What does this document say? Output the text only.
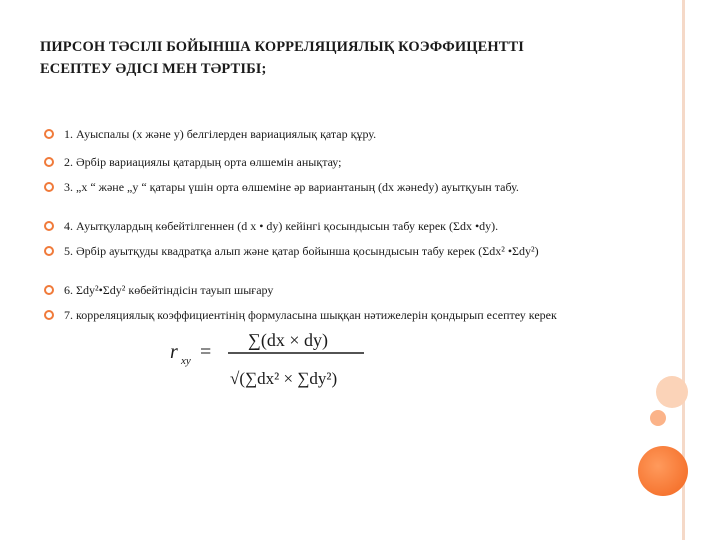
ПИРСОН ТӘСІЛІ БОЙЫНША КОРРЕЛЯЦИЯЛЫҚ КОЭФФИЦЕНТТІ
ЕСЕПТЕУ ӘДІСІ МЕН ТӘРТІБІ;
1. Ауыспалы (x және y) белгілерден вариациялық қатар құру.
2. Әрбір вариациялы қатардың орта өлшемін анықтау;
3. „x “ және „y “ қатары үшін орта өлшеміне әр вариантаның (dx жәнеdy) ауытқуын табу.
4. Ауытқулардың көбейтілгеннен (d x • dy) кейінгі қосындысын табу керек (Σdx •dy).
5. Әрбір ауытқуды квадратқа алып және қатар бойынша қосындысын табу керек (Σdx² •Σdy²)
6. Σdy²•Σdy² көбейтіндісін тауып шығару
7. корреляциялық коэффициентінің формуласына шыққан нәтижелерін қондырып есептеу керек
r xy =
∑(dx × dy)
√(∑dx² × ∑dy²)
